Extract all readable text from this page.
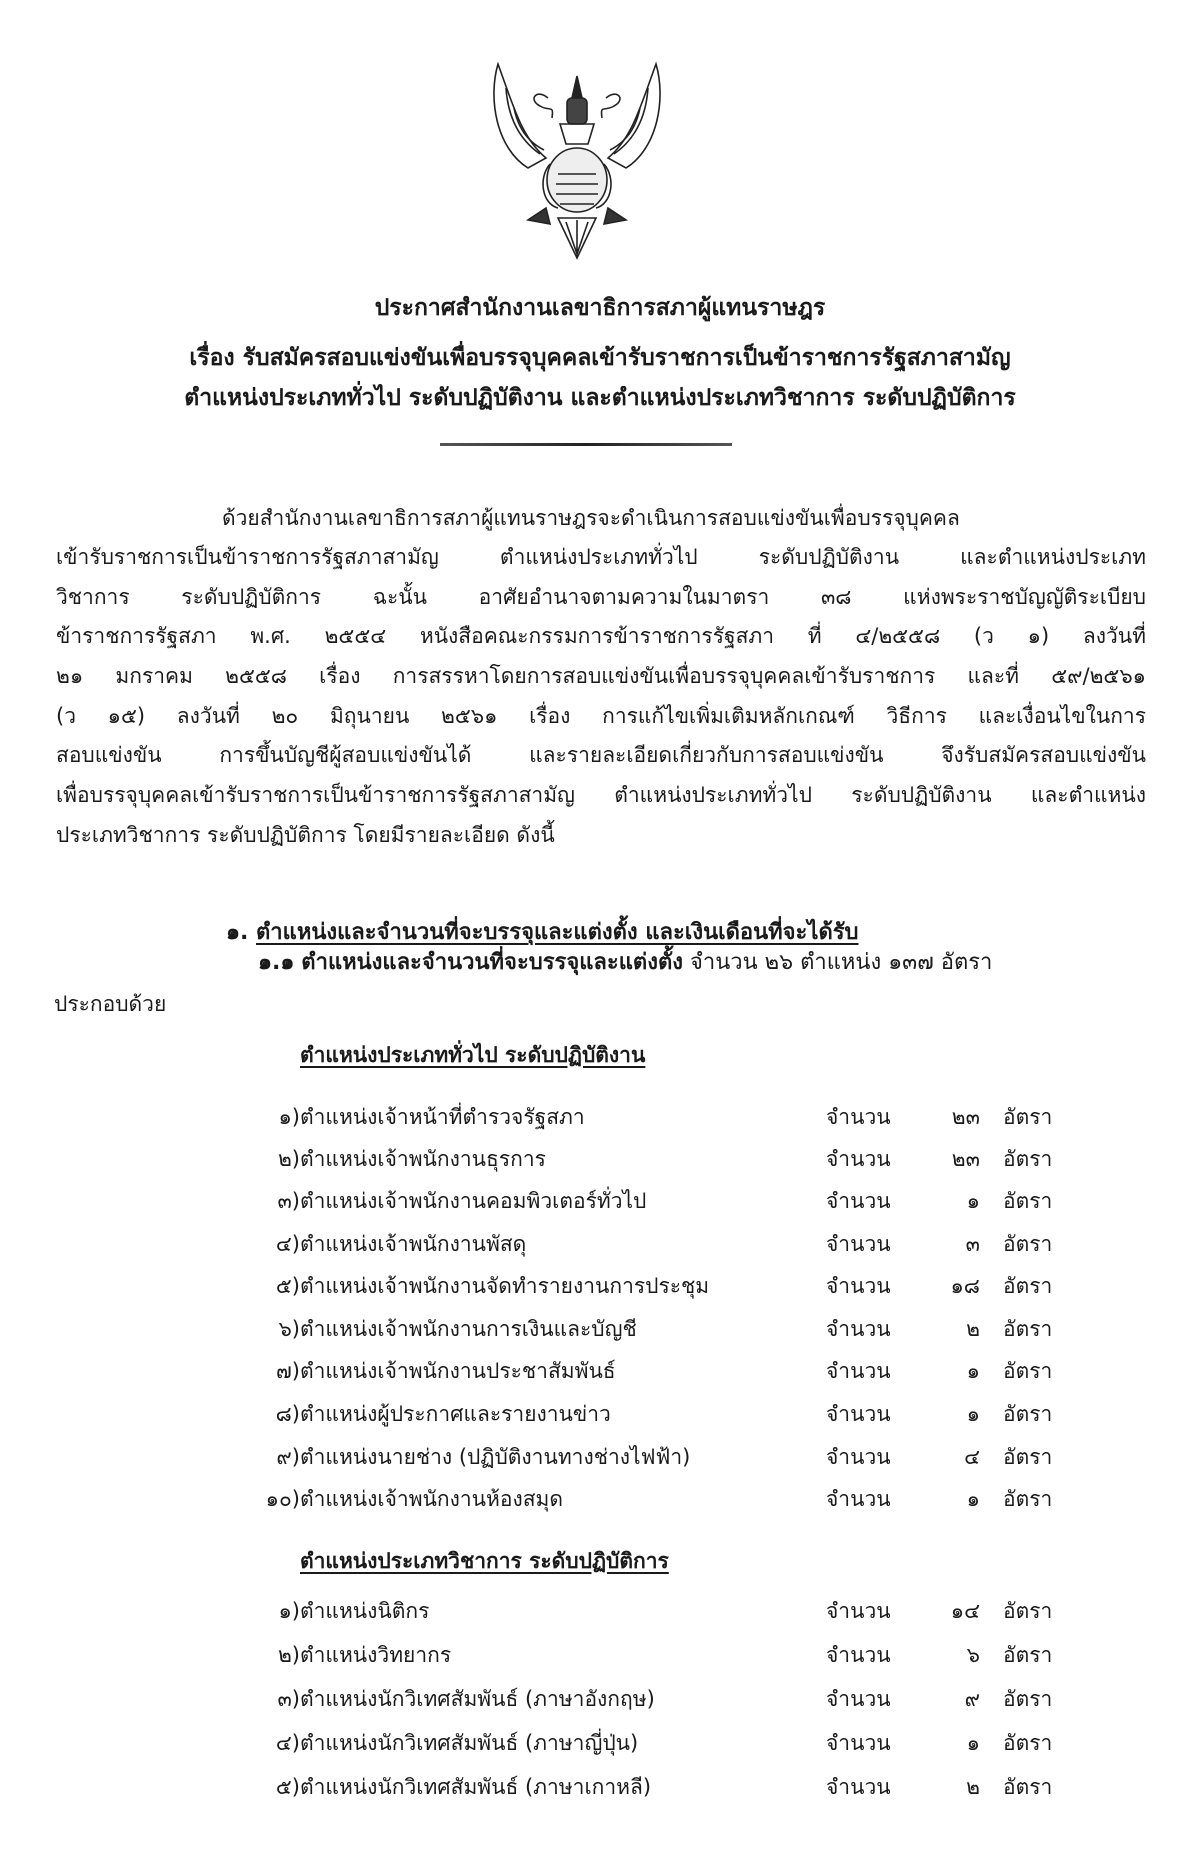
ประกาศสำนักงานเลขาธิการสภาผู้แทนราษฎร
เรื่อง รับสมัครสอบแข่งขันเพื่อบรรจุบุคคลเข้ารับราชการเป็นข้าราชการรัฐสภาสามัญ
ตำแหน่งประเภททั่วไป ระดับปฏิบัติงาน และตำแหน่งประเภทวิชาการ ระดับปฏิบัติการ
ด้วยสำนักงานเลขาธิการสภาผู้แทนราษฎรจะดำเนินการสอบแข่งขันเพื่อบรรจุบุคคล
เข้ารับราชการเป็นข้าราชการรัฐสภาสามัญ ตำแหน่งประเภททั่วไป ระดับปฏิบัติงาน และตำแหน่งประเภท
วิชาการ ระดับปฏิบัติการ ฉะนั้น อาศัยอำนาจตามความในมาตรา ๓๘ แห่งพระราชบัญญัติระเบียบ
ข้าราชการรัฐสภา พ.ศ. ๒๕๕๔ หนังสือคณะกรรมการข้าราชการรัฐสภา ที่ ๔/๒๕๕๘ (ว ๑) ลงวันที่
๒๑ มกราคม ๒๕๕๘ เรื่อง การสรรหาโดยการสอบแข่งขันเพื่อบรรจุบุคคลเข้ารับราชการ และที่ ๕๙/๒๕๖๑
(ว ๑๕) ลงวันที่ ๒๐ มิถุนายน ๒๕๖๑ เรื่อง การแก้ไขเพิ่มเติมหลักเกณฑ์ วิธีการ และเงื่อนไขในการ
สอบแข่งขัน การขึ้นบัญชีผู้สอบแข่งขันได้ และรายละเอียดเกี่ยวกับการสอบแข่งขัน จึงรับสมัครสอบแข่งขัน
เพื่อบรรจุบุคคลเข้ารับราชการเป็นข้าราชการรัฐสภาสามัญ ตำแหน่งประเภททั่วไป ระดับปฏิบัติงาน และตำแหน่ง
ประเภทวิชาการ ระดับปฏิบัติการ โดยมีรายละเอียด ดังนี้
๑. ตำแหน่งและจำนวนที่จะบรรจุและแต่งตั้ง และเงินเดือนที่จะได้รับ
๑.๑ ตำแหน่งและจำนวนที่จะบรรจุและแต่งตั้ง จำนวน ๒๖ ตำแหน่ง ๑๓๗ อัตรา
ประกอบด้วย
ตำแหน่งประเภททั่วไป ระดับปฏิบัติงาน
๑) ตำแหน่งเจ้าหน้าที่ตำรวจรัฐสภา	จำนวน	๒๓ อัตรา
๒) ตำแหน่งเจ้าพนักงานธุรการ	จำนวน	๒๓ อัตรา
๓) ตำแหน่งเจ้าพนักงานคอมพิวเตอร์ทั่วไป	จำนวน	๑ อัตรา
๔) ตำแหน่งเจ้าพนักงานพัสดุ	จำนวน	๓ อัตรา
๕) ตำแหน่งเจ้าพนักงานจัดทำรายงานการประชุม	จำนวน	๑๘ อัตรา
๖) ตำแหน่งเจ้าพนักงานการเงินและบัญชี	จำนวน	๒ อัตรา
๗) ตำแหน่งเจ้าพนักงานประชาสัมพันธ์	จำนวน	๑ อัตรา
๘) ตำแหน่งผู้ประกาศและรายงานข่าว	จำนวน	๑ อัตรา
๙) ตำแหน่งนายช่าง (ปฏิบัติงานทางช่างไฟฟ้า)	จำนวน	๔ อัตรา
๑๐) ตำแหน่งเจ้าพนักงานห้องสมุด	จำนวน	๑ อัตรา
ตำแหน่งประเภทวิชาการ ระดับปฏิบัติการ
๑) ตำแหน่งนิติกร	จำนวน	๑๔ อัตรา
๒) ตำแหน่งวิทยากร	จำนวน	๖ อัตรา
๓) ตำแหน่งนักวิเทศสัมพันธ์ (ภาษาอังกฤษ)	จำนวน	๙ อัตรา
๔) ตำแหน่งนักวิเทศสัมพันธ์ (ภาษาญี่ปุ่น)	จำนวน	๑ อัตรา
๕) ตำแหน่งนักวิเทศสัมพันธ์ (ภาษาเกาหลี)	จำนวน	๒ อัตรา
